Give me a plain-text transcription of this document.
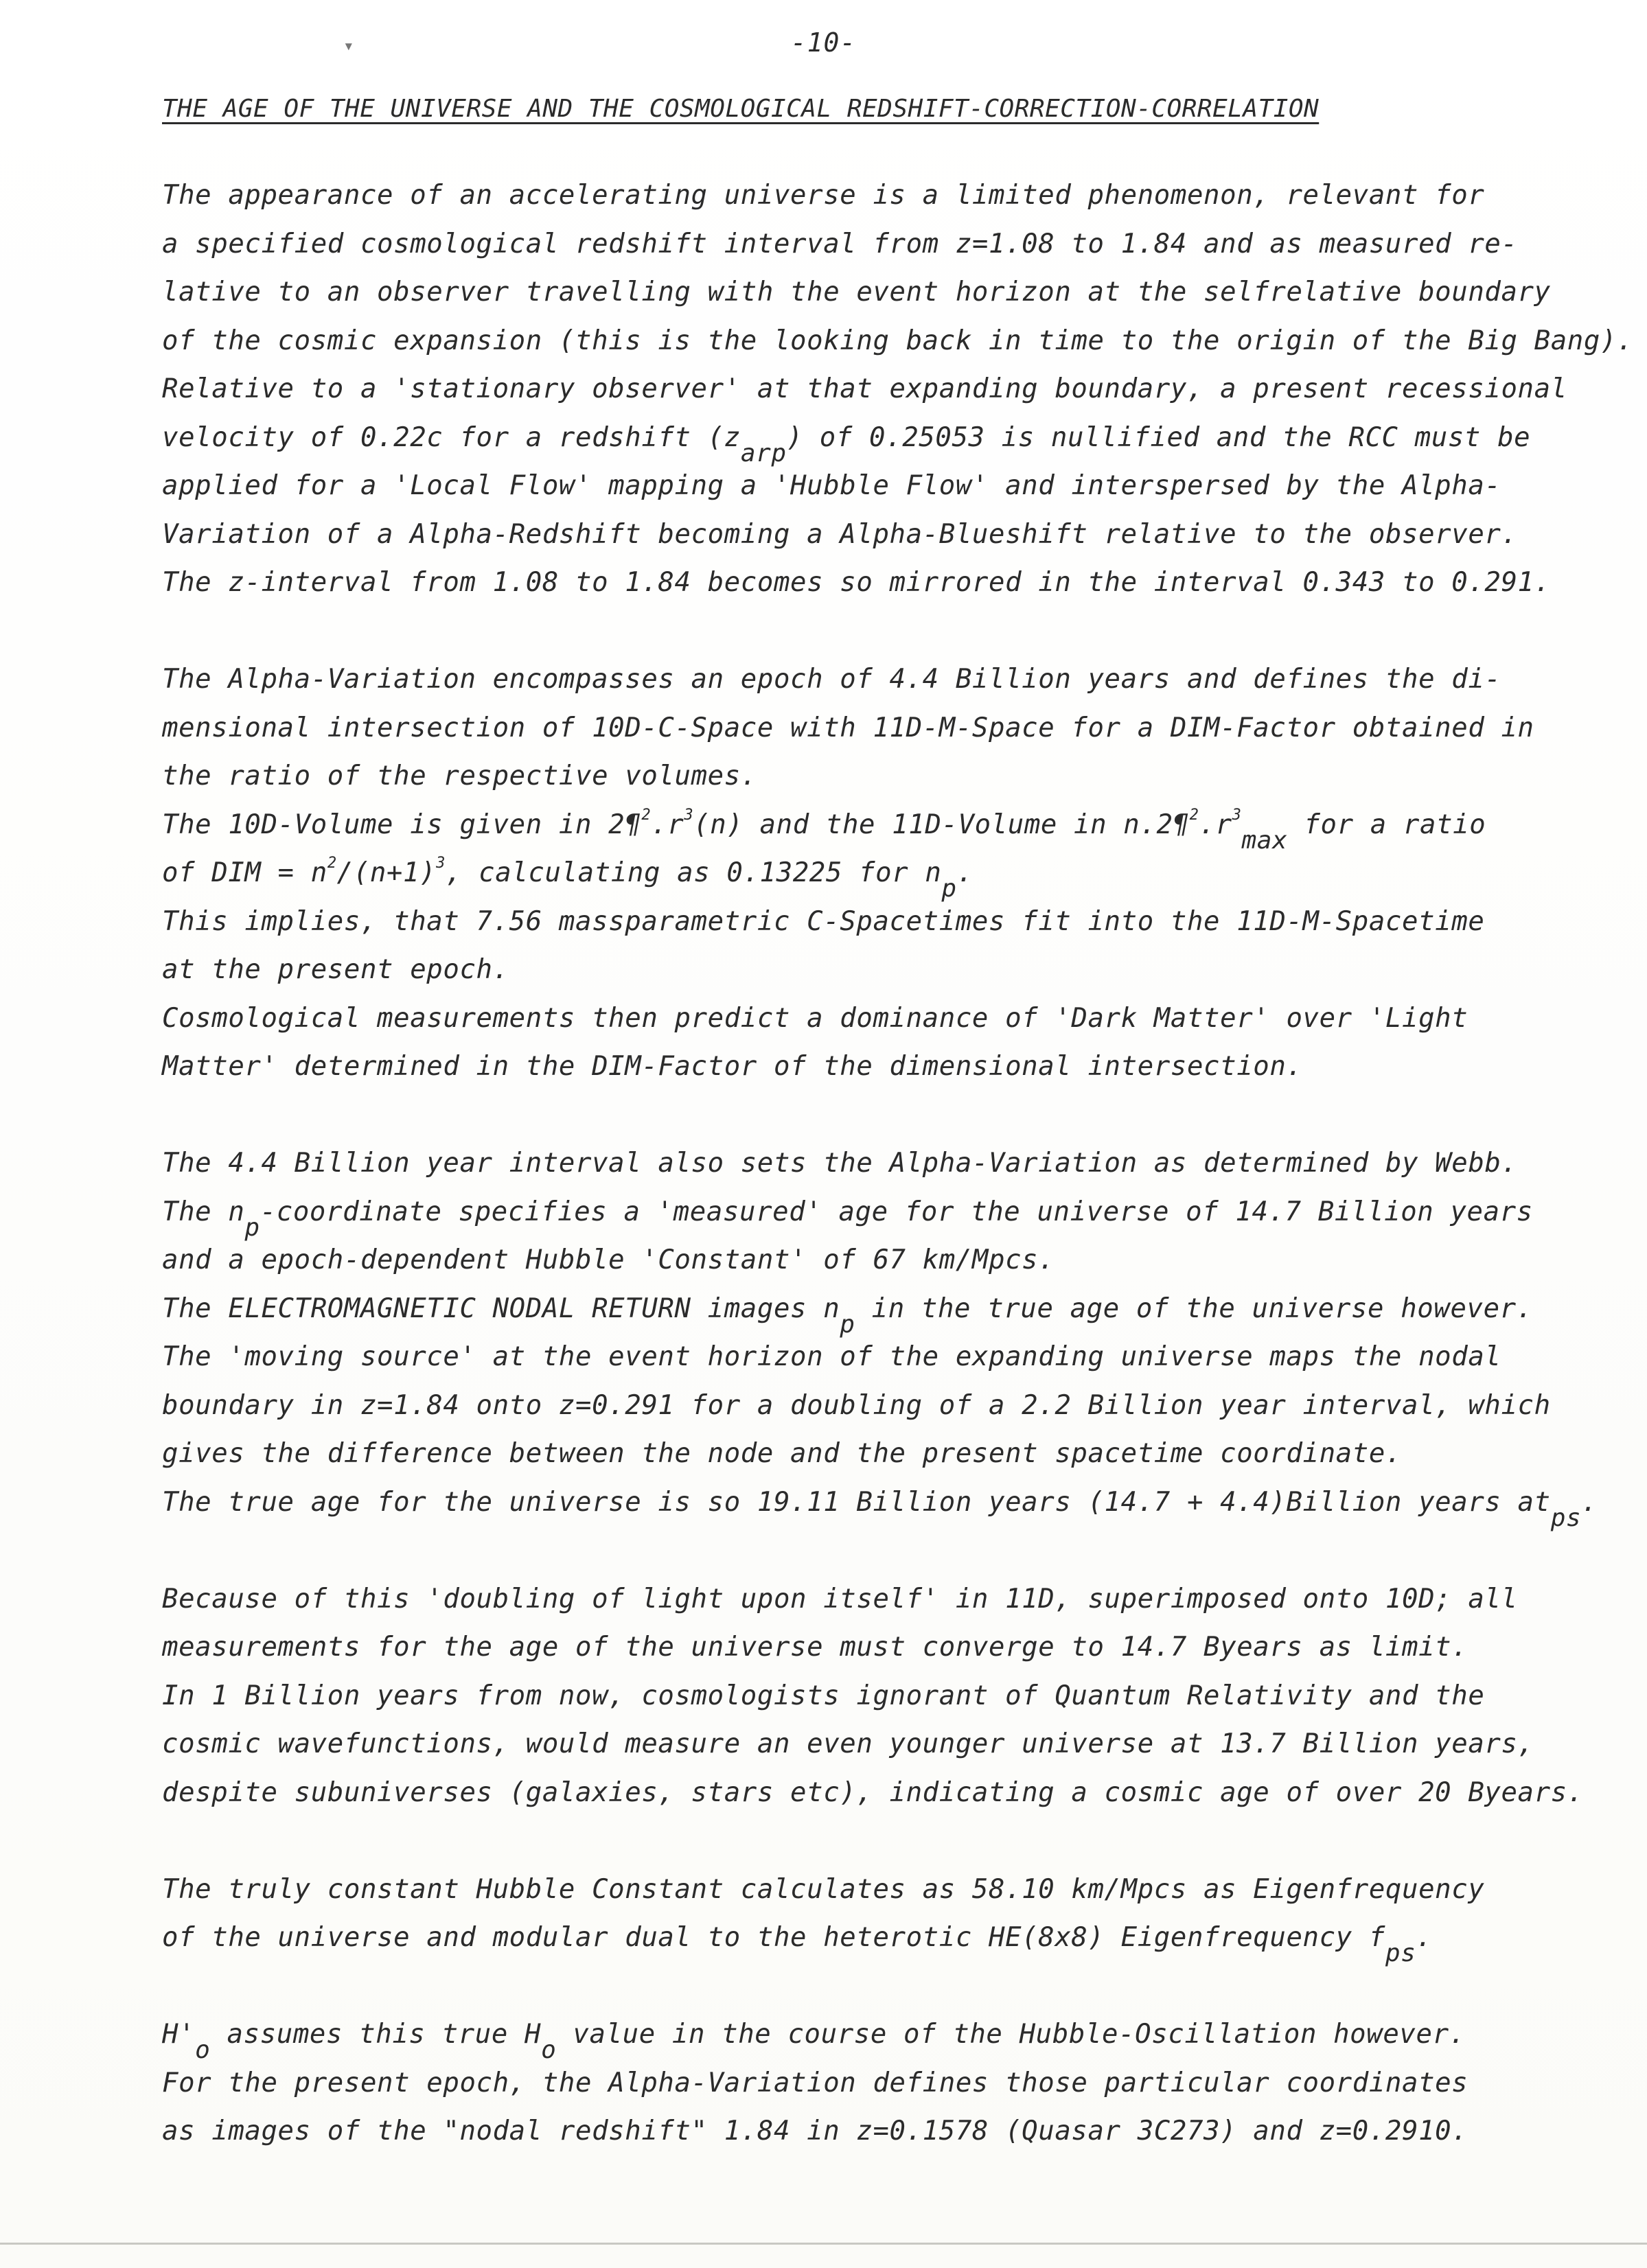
-10-
THE AGE OF THE UNIVERSE AND THE COSMOLOGICAL REDSHIFT-CORRECTION-CORRELATION
The appearance of an accelerating universe is a limited phenomenon, relevant for
a specified cosmological redshift interval from z=1.08 to 1.84 and as measured re-
lative to an observer travelling with the event horizon at the selfrelative boundary
of the cosmic expansion (this is the looking back in time to the origin of the Big Bang).
Relative to a 'stationary observer' at that expanding boundary, a present recessional
velocity of 0.22c for a redshift (zarp) of 0.25053 is nullified and the RCC must be
applied for a 'Local Flow' mapping a 'Hubble Flow' and interspersed by the Alpha-
Variation of a Alpha-Redshift becoming a Alpha-Blueshift relative to the observer.
The z-interval from 1.08 to 1.84 becomes so mirrored in the interval 0.343 to 0.291.
The Alpha-Variation encompasses an epoch of 4.4 Billion years and defines the di-
mensional intersection of 10D-C-Space with 11D-M-Space for a DIM-Factor obtained in
the ratio of the respective volumes.
The 10D-Volume is given in $2\P^2.r^3(n)$ and the 11D-Volume in $n.2\P^2.r^3\max$ for a ratio
of DIM = $n^2/(n+1)^3$, calculating as 0.13225 for np.
This implies, that 7.56 massparametric C-Spacetimes fit into the 11D-M-Spacetime
at the present epoch.
Cosmological measurements then predict a dominance of 'Dark Matter' over 'Light
Matter' determined in the DIM-Factor of the dimensional intersection.
The 4.4 Billion year interval also sets the Alpha-Variation as determined by Webb.
The np-coordinate specifies a 'measured' age for the universe of 14.7 Billion years
and a epoch-dependent Hubble 'Constant' of 67 km/Mpcs.
The ELECTROMAGNETIC NODAL RETURN images np in the true age of the universe however.
The 'moving source' at the event horizon of the expanding universe maps the nodal
boundary in z=1.84 onto z=0.291 for a doubling of a 2.2 Billion year interval, which
gives the difference between the node and the present spacetime coordinate.
The true age for the universe is so 19.11 Billion years (14.7 + 4.4)Billion years atps.
Because of this 'doubling of light upon itself' in 11D, superimposed onto 10D; all
measurements for the age of the universe must converge to 14.7 Byears as limit.
In 1 Billion years from now, cosmologists ignorant of Quantum Relativity and the
cosmic wavefunctions, would measure an even younger universe at 13.7 Billion years,
despite subuniverses (galaxies, stars etc), indicating a cosmic age of over 20 Byears.
The truly constant Hubble Constant calculates as 58.10 km/Mpcs as Eigenfrequency
of the universe and modular dual to the heterotic HE(8x8) Eigenfrequency fps.
H'o assumes this true Ho value in the course of the Hubble-Oscillation however.
For the present epoch, the Alpha-Variation defines those particular coordinates
as images of the "nodal redshift" 1.84 in z=0.1578 (Quasar 3C273) and z=0.2910.
▾
